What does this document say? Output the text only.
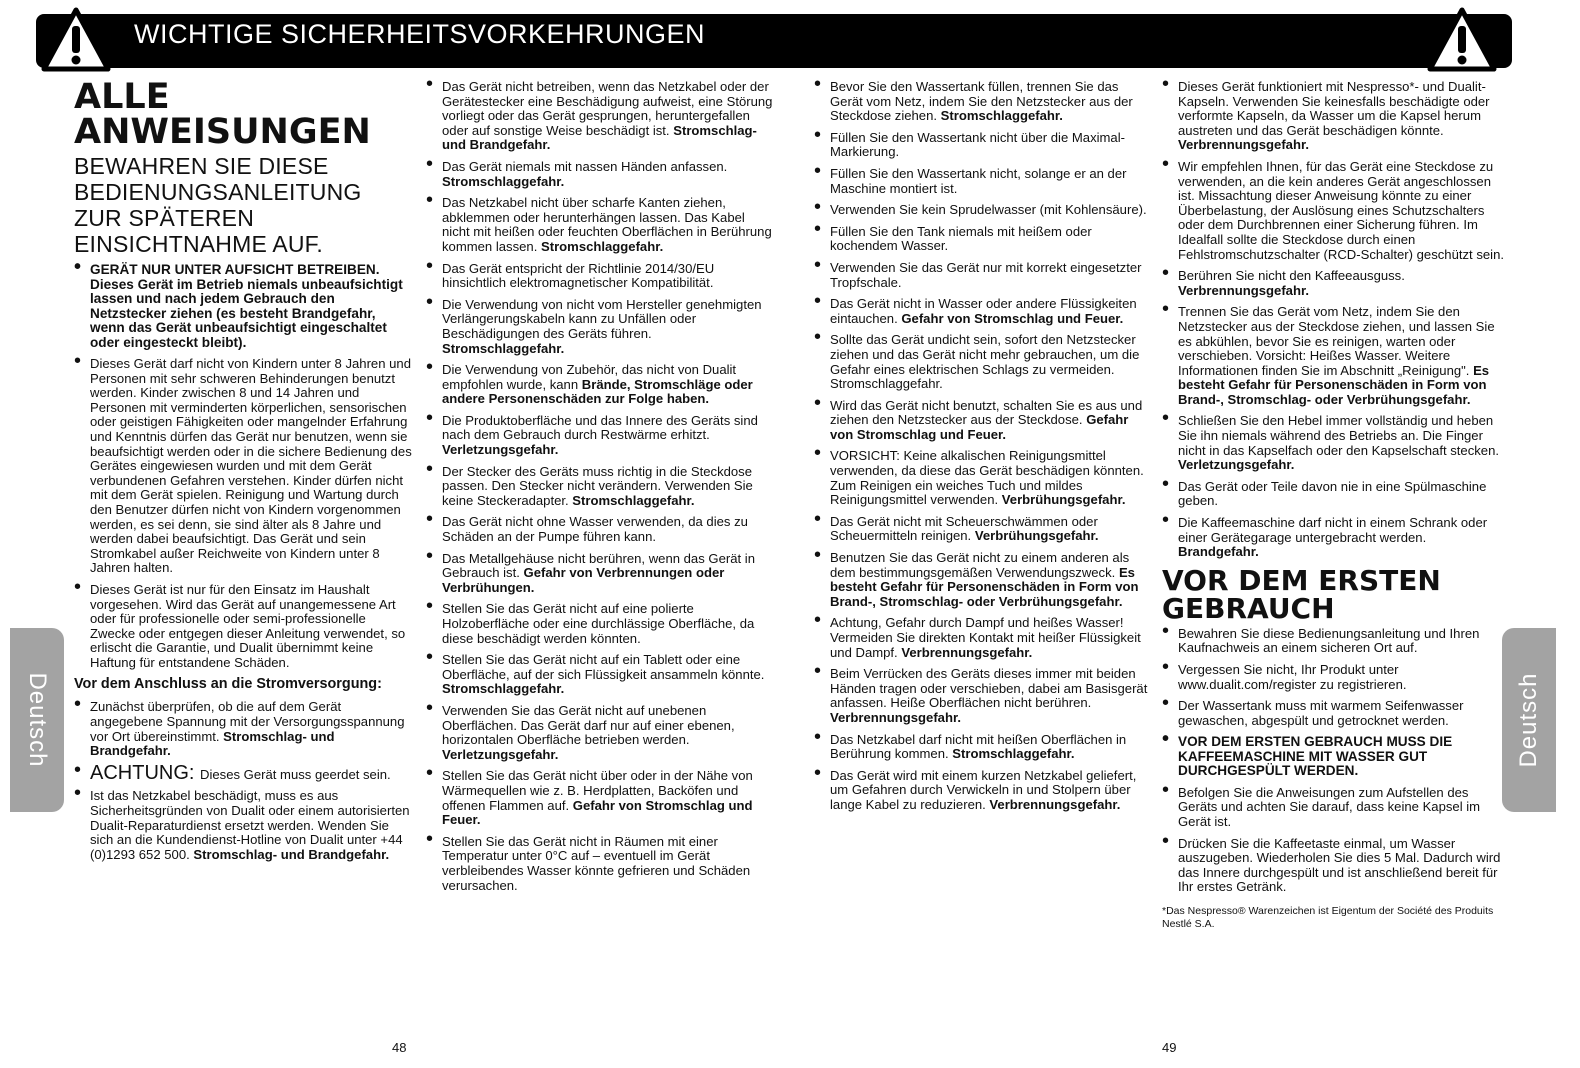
WICHTIGE SICHERHEITSVORKEHRUNGEN
Deutsch	Deutsch
ALLE ANWEISUNGEN
BEWAHREN SIE DIESE BEDIENUNGSANLEITUNG ZUR SPÄTEREN EINSICHTNAHME AUF.
• GERÄT NUR UNTER AUFSICHT BETREIBEN. Dieses Gerät im Betrieb niemals unbeaufsichtigt lassen und nach jedem Gebrauch den Netzstecker ziehen (es besteht Brandgefahr, wenn das Gerät unbeaufsichtigt eingeschaltet oder eingesteckt bleibt).
• Dieses Gerät darf nicht von Kindern unter 8 Jahren und Personen mit sehr schweren Behinderungen benutzt werden. Kinder zwischen 8 und 14 Jahren und Personen mit verminderten körperlichen, sensorischen oder geistigen Fähigkeiten oder mangelnder Erfahrung und Kenntnis dürfen das Gerät nur benutzen, wenn sie beaufsichtigt werden oder in die sichere Bedienung des Gerätes eingewiesen wurden und mit dem Gerät verbundenen Gefahren verstehen. Kinder dürfen nicht mit dem Gerät spielen. Reinigung und Wartung durch den Benutzer dürfen nicht von Kindern vorgenommen werden, es sei denn, sie sind älter als 8 Jahre und werden dabei beaufsichtigt. Das Gerät und sein Stromkabel außer Reichweite von Kindern unter 8 Jahren halten.
• Dieses Gerät ist nur für den Einsatz im Haushalt vorgesehen. Wird das Gerät auf unangemessene Art oder für professionelle oder semi-professionelle Zwecke oder entgegen dieser Anleitung verwendet, so erlischt die Garantie, und Dualit übernimmt keine Haftung für entstandene Schäden.
Vor dem Anschluss an die Stromversorgung:
• Zunächst überprüfen, ob die auf dem Gerät angegebene Spannung mit der Versorgungsspannung vor Ort übereinstimmt. Stromschlag- und Brandgefahr.
• ACHTUNG: Dieses Gerät muss geerdet sein.
• Ist das Netzkabel beschädigt, muss es aus Sicherheitsgründen von Dualit oder einem autorisierten Dualit-Reparaturdienst ersetzt werden. Wenden Sie sich an die Kundendienst-Hotline von Dualit unter +44 (0)1293 652 500. Stromschlag- und Brandgefahr.
• Das Gerät nicht betreiben, wenn das Netzkabel oder der Gerätestecker eine Beschädigung aufweist, eine Störung vorliegt oder das Gerät gesprungen, heruntergefallen oder auf sonstige Weise beschädigt ist. Stromschlag- und Brandgefahr.
• Das Gerät niemals mit nassen Händen anfassen. Stromschlaggefahr.
• Das Netzkabel nicht über scharfe Kanten ziehen, abklemmen oder herunterhängen lassen. Das Kabel nicht mit heißen oder feuchten Oberflächen in Berührung kommen lassen. Stromschlaggefahr.
• Das Gerät entspricht der Richtlinie 2014/30/EU hinsichtlich elektromagnetischer Kompatibilität.
• Die Verwendung von nicht vom Hersteller genehmigten Verlängerungskabeln kann zu Unfällen oder Beschädigungen des Geräts führen. Stromschlaggefahr.
• Die Verwendung von Zubehör, das nicht von Dualit empfohlen wurde, kann Brände, Stromschläge oder andere Personenschäden zur Folge haben.
• Die Produktoberfläche und das Innere des Geräts sind nach dem Gebrauch durch Restwärme erhitzt. Verletzungsgefahr.
• Der Stecker des Geräts muss richtig in die Steckdose passen. Den Stecker nicht verändern. Verwenden Sie keine Steckeradapter. Stromschlaggefahr.
• Das Gerät nicht ohne Wasser verwenden, da dies zu Schäden an der Pumpe führen kann.
• Das Metallgehäuse nicht berühren, wenn das Gerät in Gebrauch ist. Gefahr von Verbrennungen oder Verbrühungen.
• Stellen Sie das Gerät nicht auf eine polierte Holzoberfläche oder eine durchlässige Oberfläche, da diese beschädigt werden könnten.
• Stellen Sie das Gerät nicht auf ein Tablett oder eine Oberfläche, auf der sich Flüssigkeit ansammeln könnte. Stromschlaggefahr.
• Verwenden Sie das Gerät nicht auf unebenen Oberflächen. Das Gerät darf nur auf einer ebenen, horizontalen Oberfläche betrieben werden. Verletzungsgefahr.
• Stellen Sie das Gerät nicht über oder in der Nähe von Wärmequellen wie z. B. Herdplatten, Backöfen und offenen Flammen auf. Gefahr von Stromschlag und Feuer.
• Stellen Sie das Gerät nicht in Räumen mit einer Temperatur unter 0°C auf – eventuell im Gerät verbleibendes Wasser könnte gefrieren und Schäden verursachen.
• Bevor Sie den Wassertank füllen, trennen Sie das Gerät vom Netz, indem Sie den Netzstecker aus der Steckdose ziehen. Stromschlaggefahr.
• Füllen Sie den Wassertank nicht über die Maximal-Markierung.
• Füllen Sie den Wassertank nicht, solange er an der Maschine montiert ist.
• Verwenden Sie kein Sprudelwasser (mit Kohlensäure).
• Füllen Sie den Tank niemals mit heißem oder kochendem Wasser.
• Verwenden Sie das Gerät nur mit korrekt eingesetzter Tropfschale.
• Das Gerät nicht in Wasser oder andere Flüssigkeiten eintauchen. Gefahr von Stromschlag und Feuer.
• Sollte das Gerät undicht sein, sofort den Netzstecker ziehen und das Gerät nicht mehr gebrauchen, um die Gefahr eines elektrischen Schlags zu vermeiden. Stromschlaggefahr.
• Wird das Gerät nicht benutzt, schalten Sie es aus und ziehen den Netzstecker aus der Steckdose. Gefahr von Stromschlag und Feuer.
• VORSICHT: Keine alkalischen Reinigungsmittel verwenden, da diese das Gerät beschädigen könnten. Zum Reinigen ein weiches Tuch und mildes Reinigungsmittel verwenden. Verbrühungsgefahr.
• Das Gerät nicht mit Scheuerschwämmen oder Scheuermitteln reinigen. Verbrühungsgefahr.
• Benutzen Sie das Gerät nicht zu einem anderen als dem bestimmungsgemäßen Verwendungszweck. Es besteht Gefahr für Personenschäden in Form von Brand-, Stromschlag- oder Verbrühungsgefahr.
• Achtung, Gefahr durch Dampf und heißes Wasser! Vermeiden Sie direkten Kontakt mit heißer Flüssigkeit und Dampf. Verbrennungsgefahr.
• Beim Verrücken des Geräts dieses immer mit beiden Händen tragen oder verschieben, dabei am Basisgerät anfassen. Heiße Oberflächen nicht berühren. Verbrennungsgefahr.
• Das Netzkabel darf nicht mit heißen Oberflächen in Berührung kommen. Stromschlaggefahr.
• Das Gerät wird mit einem kurzen Netzkabel geliefert, um Gefahren durch Verwickeln in und Stolpern über lange Kabel zu reduzieren. Verbrennungsgefahr.
• Dieses Gerät funktioniert mit Nespresso*- und Dualit-Kapseln. Verwenden Sie keinesfalls beschädigte oder verformte Kapseln, da Wasser um die Kapsel herum austreten und das Gerät beschädigen könnte. Verbrennungsgefahr.
• Wir empfehlen Ihnen, für das Gerät eine Steckdose zu verwenden, an die kein anderes Gerät angeschlossen ist. Missachtung dieser Anweisung könnte zu einer Überbelastung, der Auslösung eines Schutzschalters oder dem Durchbrennen einer Sicherung führen. Im Idealfall sollte die Steckdose durch einen Fehlstromschutzschalter (RCD-Schalter) geschützt sein.
• Berühren Sie nicht den Kaffeeausguss. Verbrennungsgefahr.
• Trennen Sie das Gerät vom Netz, indem Sie den Netzstecker aus der Steckdose ziehen, und lassen Sie es abkühlen, bevor Sie es reinigen, warten oder verschieben. Vorsicht: Heißes Wasser. Weitere Informationen finden Sie im Abschnitt „Reinigung". Es besteht Gefahr für Personenschäden in Form von Brand-, Stromschlag- oder Verbrühungsgefahr.
• Schließen Sie den Hebel immer vollständig und heben Sie ihn niemals während des Betriebs an. Die Finger nicht in das Kapselfach oder den Kapselschaft stecken. Verletzungsgefahr.
• Das Gerät oder Teile davon nie in eine Spülmaschine geben.
• Die Kaffeemaschine darf nicht in einem Schrank oder einer Gerätegarage untergebracht werden. Brandgefahr.
VOR DEM ERSTEN GEBRAUCH
• Bewahren Sie diese Bedienungsanleitung und Ihren Kaufnachweis an einem sicheren Ort auf.
• Vergessen Sie nicht, Ihr Produkt unter www.dualit.com/register zu registrieren.
• Der Wassertank muss mit warmem Seifenwasser gewaschen, abgespült und getrocknet werden.
• VOR DEM ERSTEN GEBRAUCH MUSS DIE KAFFEEMASCHINE MIT WASSER GUT DURCHGESPÜLT WERDEN.
• Befolgen Sie die Anweisungen zum Aufstellen des Geräts und achten Sie darauf, dass keine Kapsel im Gerät ist.
• Drücken Sie die Kaffeetaste einmal, um Wasser auszugeben. Wiederholen Sie dies 5 Mal. Dadurch wird das Innere durchgespült und ist anschließend bereit für Ihr erstes Getränk.
*Das Nespresso® Warenzeichen ist Eigentum der Société des Produits Nestlé S.A.
48	49
